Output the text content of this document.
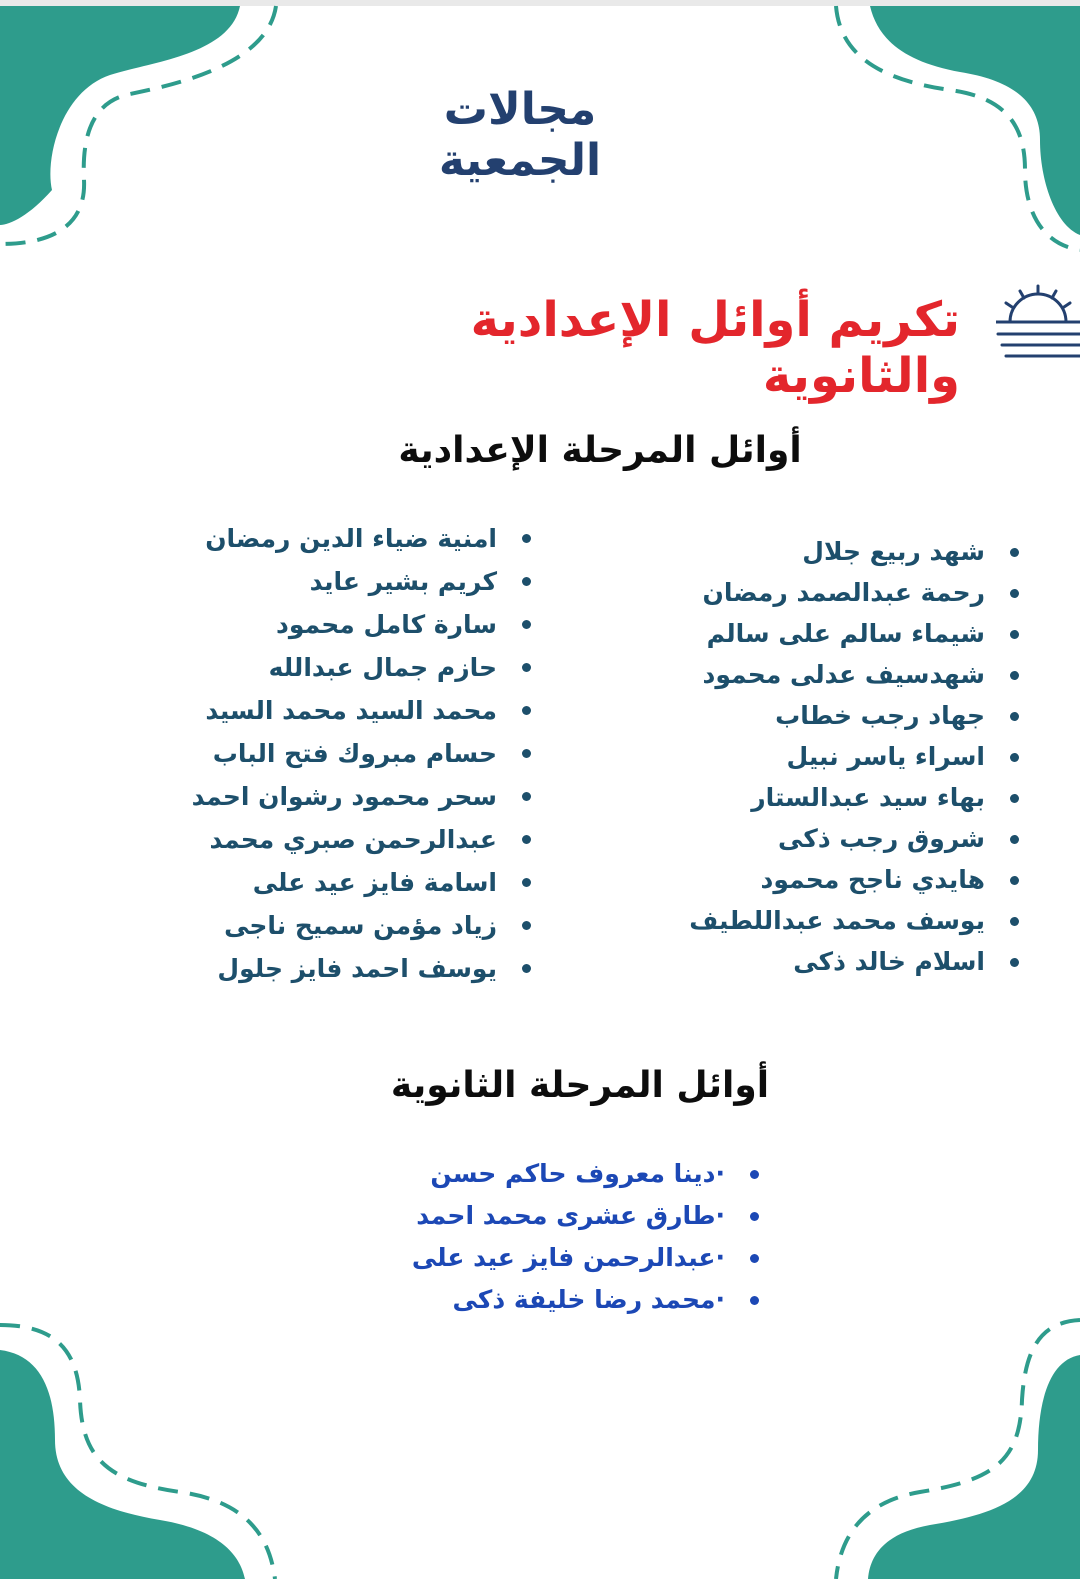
مجالات الجمعية
تكريم أوائل الإعدادية والثانوية
أوائل المرحلة الإعدادية
شهد ربيع جلال
رحمة عبدالصمد رمضان
شيماء سالم على سالم
شهدسيف عدلى محمود
جهاد رجب خطاب
اسراء ياسر نبيل
بهاء سيد عبدالستار
شروق رجب ذكى
هايدي ناجح محمود
يوسف محمد عبداللطيف
اسلام خالد ذكى
امنية ضياء الدين رمضان
كريم بشير عايد
سارة كامل محمود
حازم جمال عبدالله
محمد السيد محمد السيد
حسام مبروك فتح الباب
سحر محمود رشوان احمد
عبدالرحمن صبري محمد
اسامة فايز عيد على
زياد مؤمن سميح ناجى
يوسف احمد فايز جلول
أوائل المرحلة الثانوية
·دينا معروف حاكم حسن
·طارق عشرى محمد احمد
·عبدالرحمن فايز عيد على
·محمد رضا خليفة ذكى
